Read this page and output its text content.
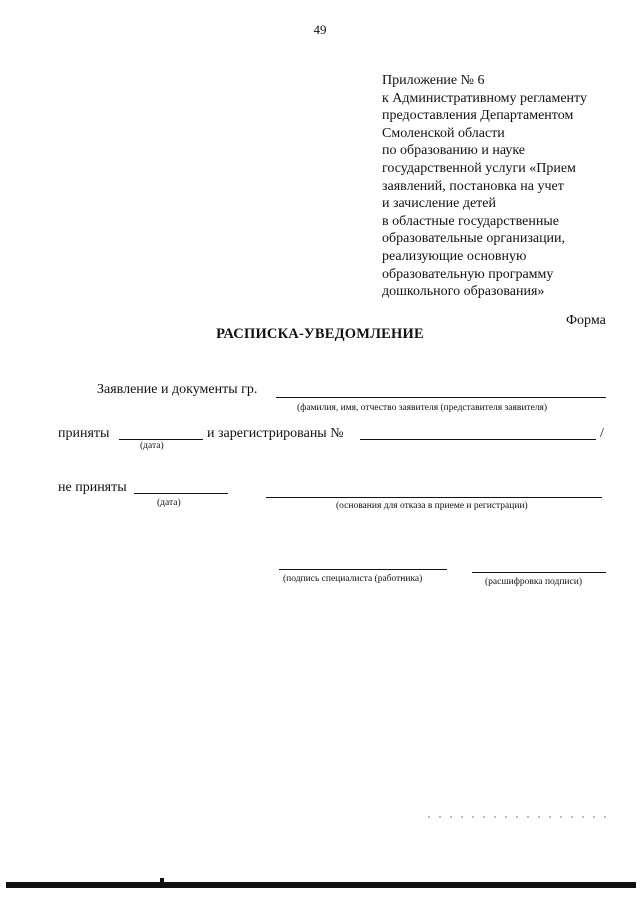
49
Приложение № 6
к Административному регламенту
предоставления Департаментом
Смоленской области
по образованию и науке
государственной услуги «Прием
заявлений, постановка на учет
и зачисление детей
в областные государственные
образовательные организации,
реализующие основную
образовательную программу
дошкольного образования»
Форма
РАСПИСКА-УВЕДОМЛЕНИЕ
Заявление и документы гр.
(фамилия, имя, отчество заявителя (представителя заявителя)
приняты	и зарегистрированы №	/
(дата)
не приняты
(дата)	(основания для отказа в приеме и регистрации)
(подпись специалиста (работника)	(расшифровка подписи)
